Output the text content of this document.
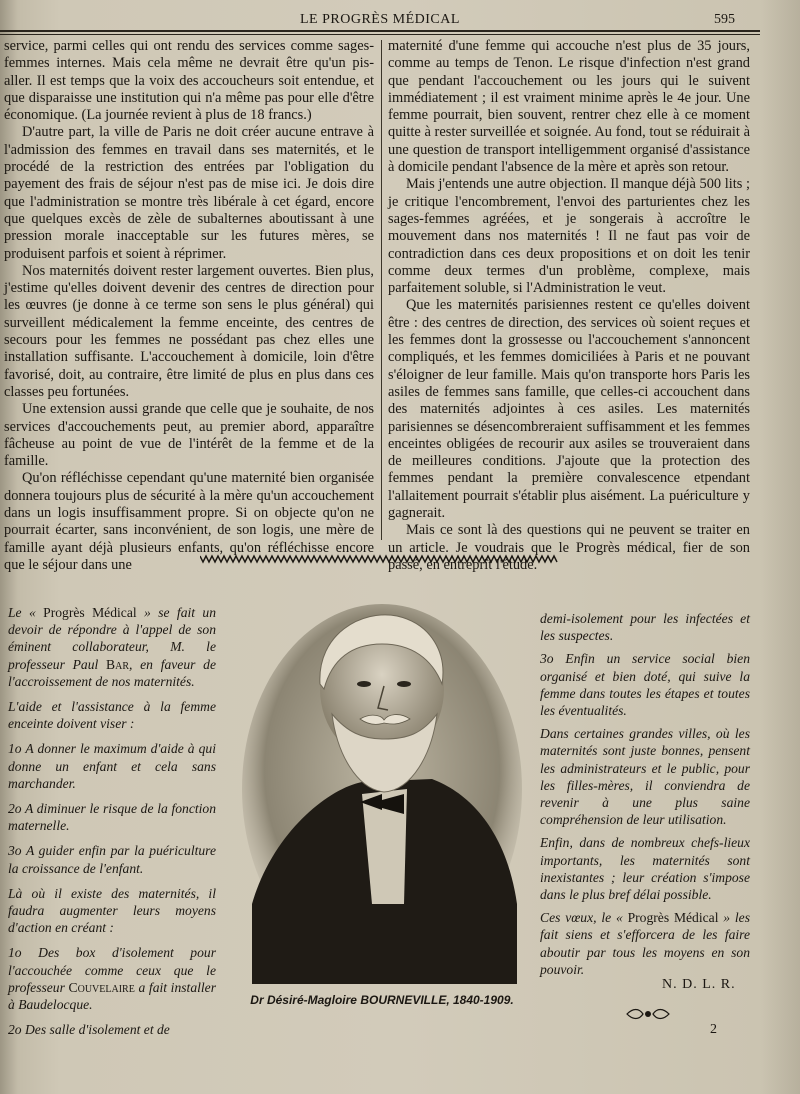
LE PROGRÈS MÉDICAL	595

service, parmi celles qui ont rendu des services comme sages-femmes internes. Mais cela même ne devrait être qu'un pis-aller. Il est temps que la voix des accoucheurs soit entendue, et que disparaisse une institution qui n'a même pas pour elle d'être économique. (La journée revient à plus de 18 francs.)

D'autre part, la ville de Paris ne doit créer aucune entrave à l'admission des femmes en travail dans ses maternités, et le procédé de la restriction des entrées par l'obligation du payement des frais de séjour n'est pas de mise ici. Je dois dire que l'administration se montre très libérale à cet égard, encore que quelques excès de zèle de subalternes aboutissant à une pression morale inacceptable sur les futures mères, se produisent parfois et soient à réprimer.

Nos maternités doivent rester largement ouvertes. Bien plus, j'estime qu'elles doivent devenir des centres de direction pour les œuvres (je donne à ce terme son sens le plus général) qui surveillent médicalement la femme enceinte, des centres de secours pour les femmes ne possédant pas chez elles une installation suffisante. L'accouchement à domicile, loin d'être favorisé, doit, au contraire, être limité de plus en plus dans ces classes peu fortunées.

Une extension aussi grande que celle que je souhaite, de nos services d'accouchements peut, au premier abord, apparaître fâcheuse au point de vue de l'intérêt de la femme et de la famille.

Qu'on réfléchisse cependant qu'une maternité bien organisée donnera toujours plus de sécurité à la mère qu'un accouchement dans un logis insuffisamment propre. Si on objecte qu'on ne pourrait écarter, sans inconvénient, de son logis, une mère de famille ayant déjà plusieurs enfants, qu'on réfléchisse encore que le séjour dans une

maternité d'une femme qui accouche n'est plus de 35 jours, comme au temps de Tenon. Le risque d'infection n'est grand que pendant l'accouchement ou les jours qui le suivent immédiatement ; il est vraiment minime après le 4e jour. Une femme pourrait, bien souvent, rentrer chez elle à ce moment quitte à rester surveillée et soignée. Au fond, tout se réduirait à une question de transport intelligemment organisé d'assistance à domicile pendant l'absence de la mère et après son retour.

Mais j'entends une autre objection. Il manque déjà 500 lits ; je critique l'encombrement, l'envoi des parturientes chez les sages-femmes agréées, et je songerais à accroître le mouvement dans nos maternités ! Il ne faut pas voir de contradiction dans ces deux propositions et on doit les tenir comme deux termes d'un problème, complexe, mais parfaitement soluble, si l'Administration le veut.

Que les maternités parisiennes restent ce qu'elles doivent être : des centres de direction, des services où soient reçues et les femmes dont la grossesse ou l'accouchement s'annoncent compliqués, et les femmes domiciliées à Paris et ne pouvant s'éloigner de leur famille. Mais qu'on transporte hors Paris les asiles de femmes sans famille, que celles-ci accouchent dans des maternités adjointes à ces asiles. Les maternités parisiennes se désencombreraient suffisamment et les femmes enceintes obligées de recourir aux asiles se trouveraient dans de meilleures conditions. J'ajoute que la protection des femmes pendant la première convalescence etpendant l'allaitement pourrait s'établir plus aisément. La puériculture y gagnerait.

Mais ce sont là des questions qui ne peuvent se traiter en un article. Je voudrais que le Progrès médical, fier de son passé, en entreprît l'étude.

Le « Progrès Médical » se fait un devoir de répondre à l'appel de son éminent collaborateur, M. le professeur Paul Bar, en faveur de l'accroissement de nos maternités.

L'aide et l'assistance à la femme enceinte doivent viser :

1o A donner le maximum d'aide à qui donne un enfant et cela sans marchander.

2o A diminuer le risque de la fonction maternelle.

3o A guider enfin par la puériculture la croissance de l'enfant.

Là où il existe des maternités, il faudra augmenter leurs moyens d'action en créant :

1o Des box d'isolement pour l'accouchée comme ceux que le professeur Couvelaire a fait installer à Baudelocque.

2o Des salle d'isolement et de

Dr Désiré-Magloire BOURNEVILLE, 1840-1909.

demi-isolement pour les infectées et les suspectes.

3o Enfin un service social bien organisé et bien doté, qui suive la femme dans toutes les étapes et toutes les éventualités.

Dans certaines grandes villes, où les maternités sont juste bonnes, pensent les administrateurs et le public, pour les filles-mères, il conviendra de revenir à une plus saine compréhension de leur utilisation.

Enfin, dans de nombreux chefs-lieux importants, les maternités sont inexistantes ; leur création s'impose dans le plus bref délai possible.

Ces vœux, le « Progrès Médical » les fait siens et s'efforcera de les faire aboutir par tous les moyens en son pouvoir.

N. D. L. R.
2
